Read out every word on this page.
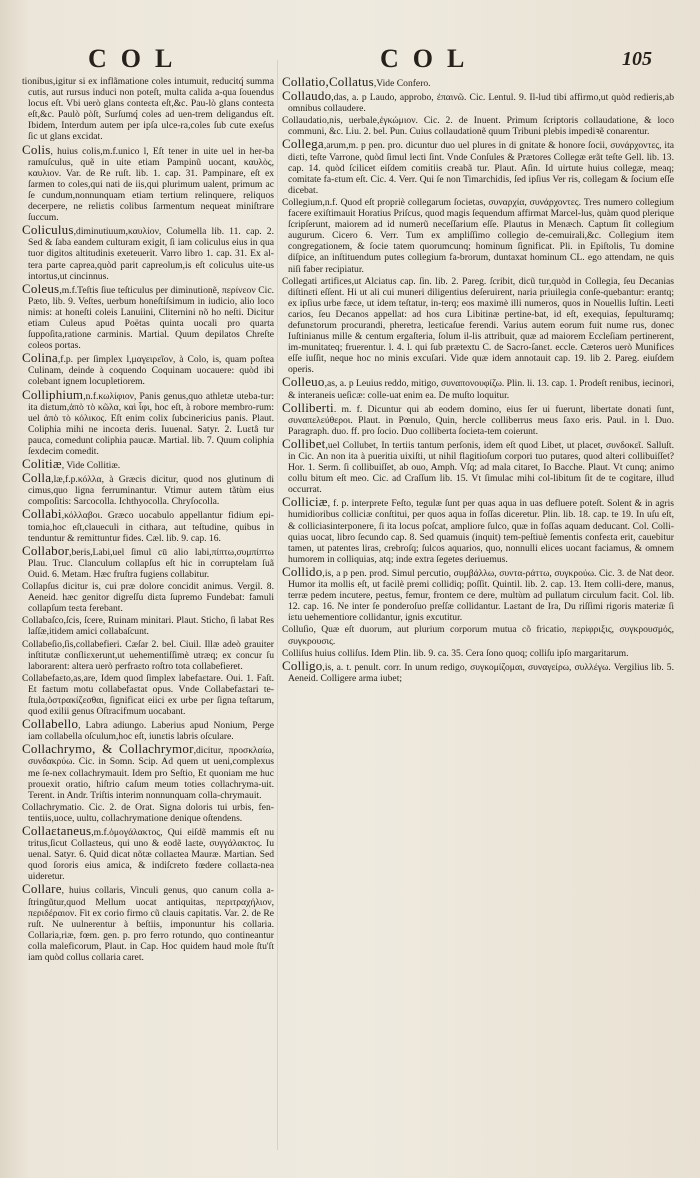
COL	COL	105

tionibus,igitur si ex inflãmatione coles intumuit, reducitq́ summa cutis, aut rursus induci non poteſt, multa calida a-qua ſouendus locus eſt. Vbi uerò glans conteɛta eſt,&c. Pau-lò glans conteɛta eſt,&c. Paulò pòſt, Surſumq́ coles ad uen-trem deligandus eſt. Ibidem, Interdum autem per ipſa ulce-ra,coles ſub cute exeſus ſic ut glans excidat.

Colis, huius colis,m.f.unico l, Eſt tener in uite uel in her-ba ramuſculus, quẽ in uite etiam Pampinũ uocant, καυλὸς, καυλιον. Var. de Re ruſt. lib. 1. cap. 31. Pampinare, eſt ex ſarmen to coles,qui nati de iis,qui plurimum ualent, primum ac ſe cundum,nonnunquam etiam tertium relinquere, reliquos decerpere, ne reliɛtis colibus ſarmentum nequeat miniſtrare ſuccum.

Coliculus,diminutiuum,καυλίον, Columella lib. 11. cap. 2. Sed & ſaba eandem culturam exigit, ſi iam coliculus eius in qua tuor digitos altitudinis exeteuerit. Varro libro 1. cap. 31. Ex al-tera parte caprea,quòd parit capreolum,is eſt coliculus uite-us intortus,ut cincinnus.

Coleus,m.f.Teſtis ſiue teſticulus per diminutionẽ, περίνεον Cic. Pæto, lib. 9. Veſtes, uerbum honeſtiſsimum in iudicio, alio loco nimis: at honeſti coleis Lanuiini, Cliternini nõ ho neſti. Dicitur etiam Culeus apud Poëtas quinta uocali pro quarta ſuppoſita,ratione carminis. Martial. Quum depilatos Chreſte coleos portas.

Colina,f.p. per ſimplex l,μαγειρεῖον, à Colo, is, quam poſtea Culinam, deinde à coquendo Coquinam uocauere: quòd ibi colebant ignem locupletiorem.

Colliphium,n.f.κωλίφιον, Panis genus,quo athletæ uteba-tur: ita diɛtum,ἀπὸ τὸ κῶλα, καὶ ἶφι, hoc eſt, à robore membro-rum: uel ἀπὸ τὸ κόλικος. Eſt enim colix ſubcinericius panis. Plaut. Coliphia mihi ne incoɛta deris. Iuuenal. Satyr. 2. Luɛtâ tur pauca, comedunt coliphia paucæ. Martial. lib. 7. Quum coliphia ſexdecim comedit.

Colitiæ, Vide Collitiæ.

Colla,læ,f.p.κόλλα, à Græcis dicitur, quod nos glutinum di cimus,quo ligna ferruminantur. Vtimur autem tãtùm eius compoſitis: Sarcocolla. Ichthyocolla. Chryſocolla.

Collabi,κόλλαβοι. Græco uocabulo appellantur fidium epi-tomia,hoc eſt,claueculi in cithara, aut teſtudine, quibus in tenduntur & remittuntur fides. Cæl. lib. 9. cap. 16.

Collabor,beris,Labi,uel ſimul cū alio labi,πίπτω,συμπίπτω Plau. Truc. Clanculum collapſus eſt hic in corruptelam ſuã Ouid. 6. Metam. Hæc fruſtra fugiens collabitur.

Collapſus dicitur is, cui præ dolore concidit animus. Vergil. 8. Aeneid. hæc genitor digreſſu diɛta ſupremo Fundebat: famuli collapſum teɛta ferebant.

Collabaſco,ſcis, ſcere, Ruinam minitari. Plaut. Sticho, ſi labat Res laſſæ,itidem amici collabaſcunt.

Collabeſio,ſis,collabefieri. Cæſar 2. bel. Ciuil. Illæ adeò grauiter inſtitutæ conſliɛxerunt,ut uehementiſſimè utræq; ex concur ſu laborarent: altera uerò perfraɛto roſtro tota collabefieret.

Collabefaɛto,as,are, Idem quod ſimplex labefaɛtare. Oui. 1. Faſt. Et faɛtum motu collabefaɛtat opus. Vnde Collabefaɛtari te-ſtula,ὀστρακίζεσθαι, ſignificat eiici ex urbe per ſigna teſtarum, quod exilii genus Oſtracifmum uocabant.

Collabello, Labra adiungo. Laberius apud Nonium, Perge iam collabella oſculum,hoc eſt, iunɛtis labris oſculare.

Collachrymo, & Collachrymor,dicitur, προσκλαίω, συνδακρύω. Cic. in Somn. Scip. Ad quem ut ueni,complexus me ſe-nex collachrymauit. Idem pro Seſtio, Et quoniam me huc prouexit oratio, hiſtrio caſum meum toties collachryma-uit. Terent. in Andr. Triſtis interim nonnunquam colla-chrymauit.

Collachrymatio. Cic. 2. de Orat. Signa doloris tui urbis, fen-tentiis,uoce, uultu, collachrymatione denique oſtendens.

Collaɛtaneus,m.f.ὁμογάλακτος, Qui eiſdẽ mammis eſt nu tritus,ſicut Collaɛteus, qui uno & eodẽ laɛte, συγγάλακτος. Iu uenal. Satyr. 6. Quid dicat nõtæ collaɛtea Mauræ. Martian. Sed quod ſororis eius amica, & indiſcreto fœdere collaɛta-nea uideretur.

Collare, huius collaris, Vinculi genus, quo canum colla a-ſtringũtur,quod Mellum uocat antiquitas, περιτραχήλιον, περιδέραιον. Fit ex corio firmo cũ clauis capitatis. Var. 2. de Re ruſt. Ne uulnerentur à beſtiis, imponuntur his collaria. Collaria,riæ, fœm. gen. p. pro ferro rotundo, quo contineantur colla maleficorum, Plaut. in Cap. Hoc quidem haud mole ſtu'ſt iam quòd collus collaria caret.

Collatio,Collatus,Vide Confero.

Collaudo,das, a. p Laudo, approbo, ἐπαινῶ. Cic. Lentul. 9. Il-lud tibi affirmo,ut quòd redieris,ab omnibus collaudere.

Collaudatio,nis, uerbale,ἐγκώμιον. Cic. 2. de Inuent. Primum ſcriptoris collaudatione, & loco communi, &c. Liu. 2. bel. Pun. Cuius collaudationẽ quum Tribuni plebis impediꝛẽ conarentur.

Collega,arum,m. p pen. pro. dicuntur duo uel plures in di gnitate & honore ſocii, συνάρχοντες, ita diɛti, teſte Varrone, quòd ſimul lecti ſint. Vnde Conſules & Prætores Collegæ erãt teſte Gell. lib. 13. cap. 14. quòd ſcilicet eiſdem comitiis creabã tur. Plaut. Aſin. Id uirtute huius collegæ, meaq; comitate fa-ɛtum eſt. Cic. 4. Verr. Qui ſe non Timarchidis, ſed ipſius Ver ris, collegam & ſocium eſſe dicebat.

Collegium,n.f. Quod eſt propriè collegarum ſocietas, συναρχία, συνάρχοντες. Tres numero collegium facere exiſtimauit Horatius Priſcus, quod magis ſequendum affirmat Marcel-lus, quàm quod plerique ſcripſerunt, maiorem ad id numerũ neceſſarium eſſe. Plautus in Menæch. Captum ſit collegium augurum. Cicero 6. Verr. Tum ex ampliſſimo collegio de-cemuirali,&c. Collegium item congregationem, & ſocie tatem quorumcunq; hominum ſignificat. Pli. in Epiſtolis, Tu domine diſpice, an inſtituendum putes collegium fa-brorum, duntaxat hominum CL. ego attendam, ne quis niſi faber recipiatur.

Collegati artifices,ut Alciatus cap. ſin. lib. 2. Pareg. ſcribit, dicũ tur,quòd in Collegia, ſeu Decanias diſtinɛti eſſent. Hi ut ali cui muneri diligentius deſeruirent, naria priuilegia conſe-quebantur: erantq; ex ipſius urbe fæce, ut idem teſtatur, in-terq; eos maximè illi numeros, quos in Nouellis Iuſtin. Leɛti carios, ſeu Decanos appellat: ad hos cura Libitinæ pertine-bat, id eſt, exequias, ſepulturamq; defunɛtorum procurandi, pheretra, leɛticaſue ferendi. Varius autem eorum fuit nume rus, donec Iuſtinianus mille & centum ergaſteria, ſolum il-lis attribuit, quæ ad maiorem Eccleſiam pertinerent, im-munitateq; fruerentur. l. 4. l. qui ſub prætextu C. de Sacro-ſanɛt. eccle. Cæteros uerò Munifices eſſe iuſſit, neque hoc no minis excuſari. Vide quæ idem annotauit cap. 19. lib 2. Pareg. eiuſdem operis.

Colleuo,as, a. p Leuius reddo, mitigo, συναπονουφίζω. Plin. li. 13. cap. 1. Prodeſt renibus, iecinori, & interaneis ueſicæ: colle-uat enim ea. De muſto loquitur.

Colliberti. m. f. Dicuntur qui ab eodem domino, eius ſer ui fuerunt, libertate donati ſunt, συναπελεύθεροι. Plaut. in Pœnulo, Quin, hercle colliberrus meus ſaxo eris. Paul. in l. Duo. Paragraph. duo. ff. pro ſocio. Duo colliberta ſocieta-tem coierunt.

Collibet,uel Collubet, In tertiis tantum perſonis, idem eſt quod Libet, ut placet, συνδοκεῖ. Salluſt. in Cic. An non ita à pueritia uixiſti, ut nihil flagitioſum corpori tuo putares, quod alteri collibuiſſet? Hor. 1. Serm. ſi collibuiſſet, ab ouo, Amph. Vſq; ad mala citaret, Io Bacche. Plaut. Vt cunq; animo collu bitum eſt meo. Cic. ad Craſſum lib. 15. Vt ſimulac mihi col-libitum ſit de te cogitare, illud occurrat.

Colliciæ, f. p. interprete Feſto, tegulæ ſunt per quas aqua in uas defluere poteſt. Solent & in agris humidioribus colliciæ conſtitui, per quos aqua in foſſas diceretur. Plin. lib. 18. cap. te 19. In uſu eſt, & colliciasinterponere, ſi ita locus poſcat, ampliore ſulco, quæ in foſſas aquam deducant. Col. Colli-quias uocat, libro ſecundo cap. 8. Sed quamuis (inquit) tem-peſtiuè ſementis confeɛta erit, cauebitur tamen, ut patentes liras, crebroſq; ſulcos aquarios, quo, nonnulli elices uocant faciamus, & omnem humorem in colliquias, atq; inde extra ſegetes deriuemus.

Collido,is, a p pen. prod. Simul percutio, συμβάλλω, συντα-ράττω, συγκρούω. Cic. 3. de Nat deor. Humor ita mollis eſt, ut facilè premi collidiq; poſſit. Quintil. lib. 2. cap. 13. Item colli-dere, manus, terræ pedem incutere, peɛtus, femur, frontem ce dere, multùm ad pullatum circulum facit. Col. lib. 12. cap. 16. Ne inter ſe ponderoſuo preſſæ collidantur. Laɛtant de Ira, Du riſſimi rigoris materiæ ſi iɛtu uehementiore collidantur, ignis excutitur.

Colluſio, Quæ eſt duorum, aut plurium corporum mutua cõ fricatio, περὶφριξις, συγκρουσμός, συγκρουσις.

Colliſus huius colliſus. Idem Plin. lib. 9. ca. 35. Cera ſono quoq; colliſu ipſo margaritarum.

Colligo,is, a. t. penult. corr. In unum redigo, συγκομίζομαι, συναγείρω, συλλέγω. Vergilius lib. 5. Aeneid. Colligere arma iubet;
